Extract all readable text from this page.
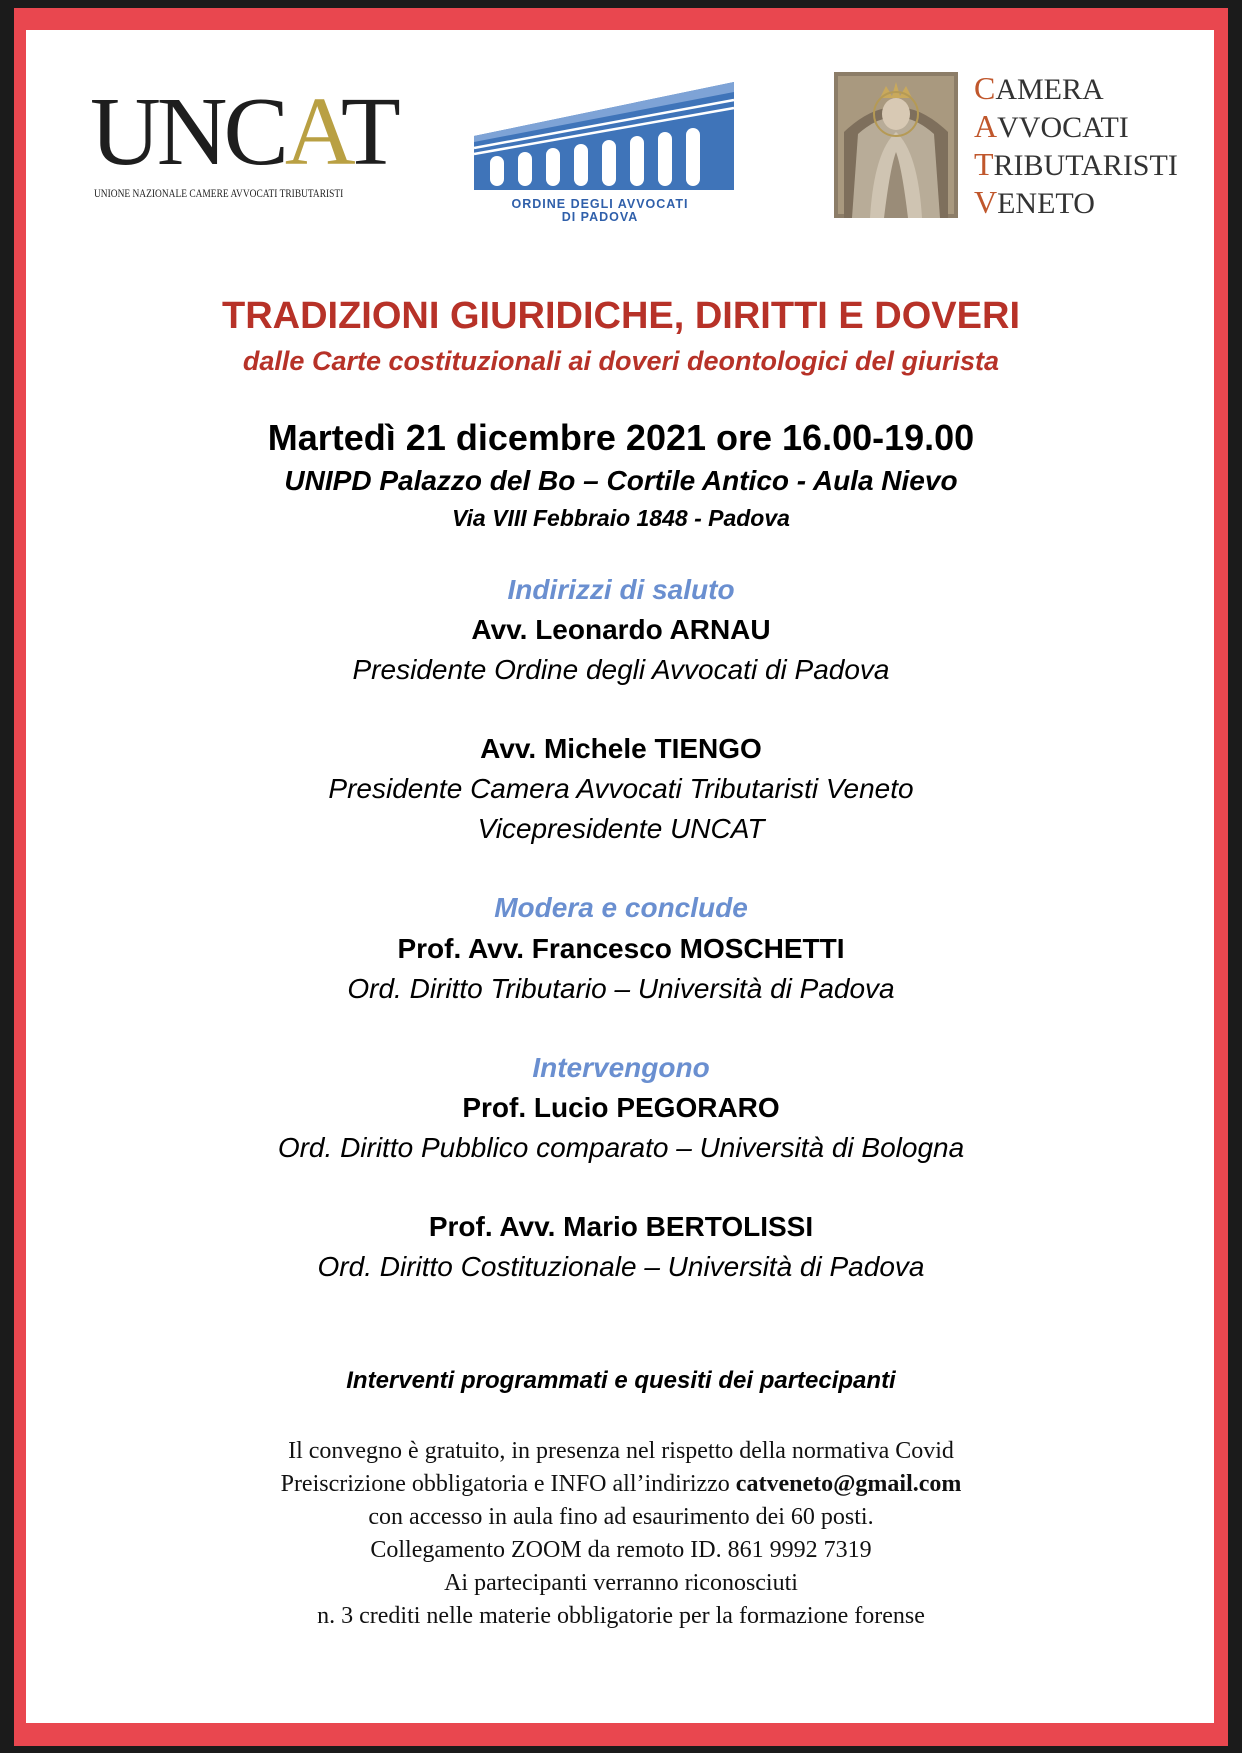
UNCAT
UNIONE NAZIONALE CAMERE AVVOCATI TRIBUTARISTI
ORDINE DEGLI AVVOCATI
DI PADOVA
CAMERA
AVVOCATI
TRIBUTARISTI
VENETO
TRADIZIONI GIURIDICHE, DIRITTI E DOVERI
dalle Carte costituzionali ai doveri deontologici del giurista
Martedì 21 dicembre 2021 ore 16.00-19.00
UNIPD Palazzo del Bo – Cortile Antico - Aula Nievo
Via VIII Febbraio 1848 - Padova
Indirizzi di saluto
Avv. Leonardo ARNAU
Presidente Ordine degli Avvocati di Padova
Avv. Michele TIENGO
Presidente Camera Avvocati Tributaristi Veneto
Vicepresidente UNCAT
Modera e conclude
Prof. Avv. Francesco MOSCHETTI
Ord. Diritto Tributario – Università di Padova
Intervengono
Prof. Lucio PEGORARO
Ord. Diritto Pubblico comparato – Università di Bologna
Prof. Avv. Mario BERTOLISSI
Ord. Diritto Costituzionale – Università di Padova
Interventi programmati e quesiti dei partecipanti
Il convegno è gratuito, in presenza nel rispetto della normativa Covid
Preiscrizione obbligatoria e INFO all’indirizzo catveneto@gmail.com
con accesso in aula fino ad esaurimento dei 60 posti.
Collegamento ZOOM da remoto ID. 861 9992 7319
Ai partecipanti verranno riconosciuti
n. 3 crediti nelle materie obbligatorie per la formazione forense
